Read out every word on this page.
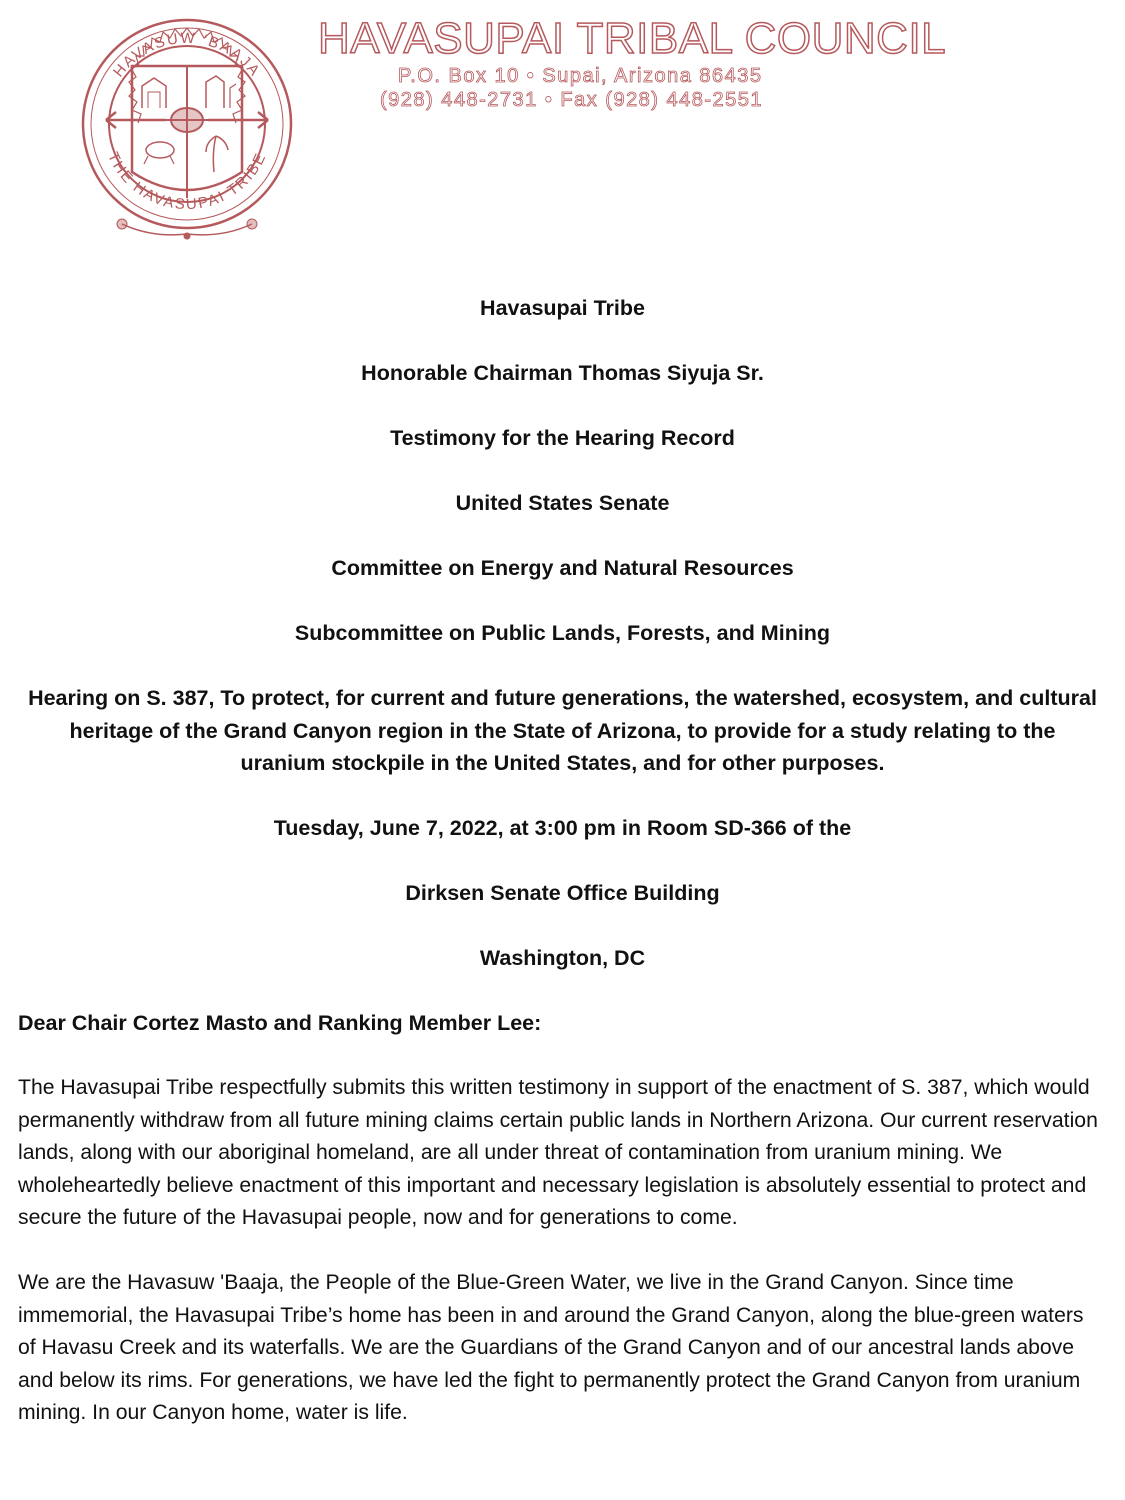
HAVASUW 'BAAJA
THE HAVASUPAI TRIBE
HAVASUPAI TRIBAL COUNCIL
P.O. Box 10 • Supai, Arizona 86435
(928) 448-2731 • Fax (928) 448-2551
Havasupai Tribe
Honorable Chairman Thomas Siyuja Sr.
Testimony for the Hearing Record
United States Senate
Committee on Energy and Natural Resources
Subcommittee on Public Lands, Forests, and Mining
Hearing on S. 387, To protect, for current and future generations, the watershed, ecosystem, and cultural heritage of the Grand Canyon region in the State of Arizona, to provide for a study relating to the uranium stockpile in the United States, and for other purposes.
Tuesday, June 7, 2022, at 3:00 pm in Room SD-366 of the
Dirksen Senate Office Building
Washington, DC
Dear Chair Cortez Masto and Ranking Member Lee:
The Havasupai Tribe respectfully submits this written testimony in support of the enactment of S. 387, which would permanently withdraw from all future mining claims certain public lands in Northern Arizona. Our current reservation lands, along with our aboriginal homeland, are all under threat of contamination from uranium mining. We wholeheartedly believe enactment of this important and necessary legislation is absolutely essential to protect and secure the future of the Havasupai people, now and for generations to come.
We are the Havasuw 'Baaja, the People of the Blue-Green Water, we live in the Grand Canyon. Since time immemorial, the Havasupai Tribe’s home has been in and around the Grand Canyon, along the blue-green waters of Havasu Creek and its waterfalls. We are the Guardians of the Grand Canyon and of our ancestral lands above and below its rims. For generations, we have led the fight to permanently protect the Grand Canyon from uranium mining. In our Canyon home, water is life.
